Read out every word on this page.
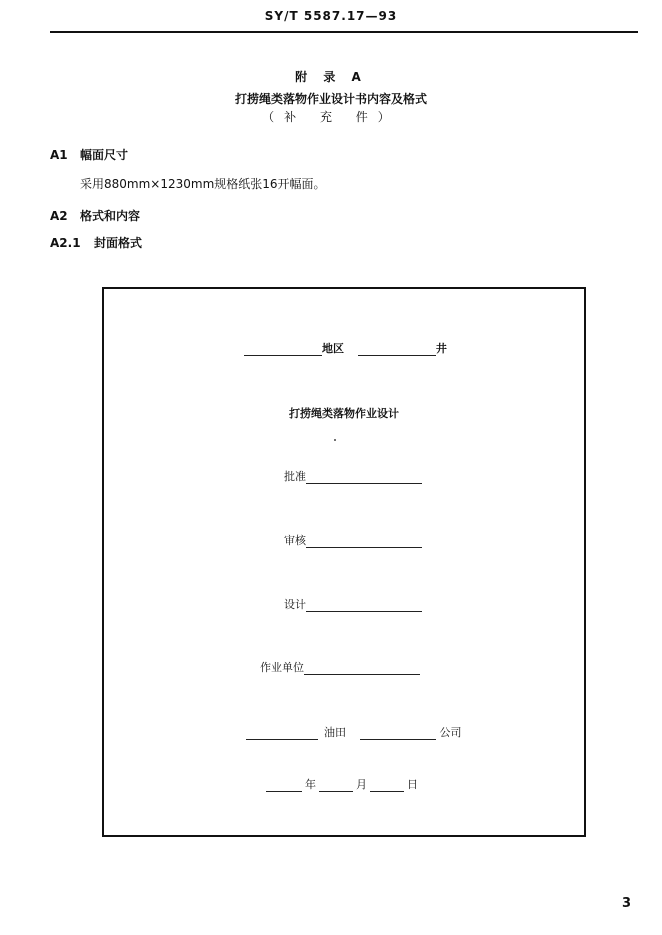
SY/T 5587.17—93
附 录 A
打捞绳类落物作业设计书内容及格式
（补 充 件）
A1 幅面尺寸
采用880mm×1230mm规格纸张16开幅面。
A2 格式和内容
A2.1 封面格式
地区	井
打捞绳类落物作业设计
批准
审核
设计
作业单位
油田	公司
年	月	日
3
